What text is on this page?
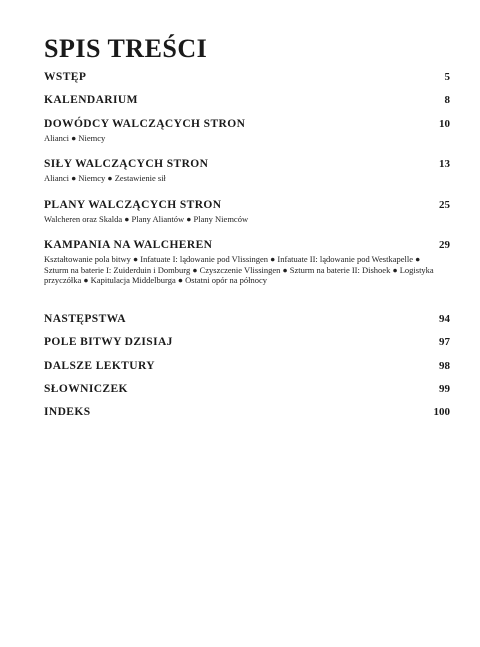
SPIS TREŚCI
WSTĘP	5
KALENDARIUM	8
DOWÓDCY WALCZĄCYCH STRON	10
Alianci ● Niemcy
SIŁY WALCZĄCYCH STRON	13
Alianci ● Niemcy ● Zestawienie sił
PLANY WALCZĄCYCH STRON	25
Walcheren oraz Skalda ● Plany Aliantów ● Plany Niemców
KAMPANIA NA WALCHEREN	29
Kształtowanie pola bitwy ● Infatuate I: lądowanie pod Vlissingen ● Infatuate II: lądowanie pod Westkapelle ● Szturm na baterie I: Zuiderduin i Domburg ● Czyszczenie Vlissingen ● Szturm na baterie II: Dishoek ● Logistyka przyczółka ● Kapitulacja Middelburga ● Ostatni opór na północy
NASTĘPSTWA	94
POLE BITWY DZISIAJ	97
DALSZE LEKTURY	98
SŁOWNICZEK	99
INDEKS	100
